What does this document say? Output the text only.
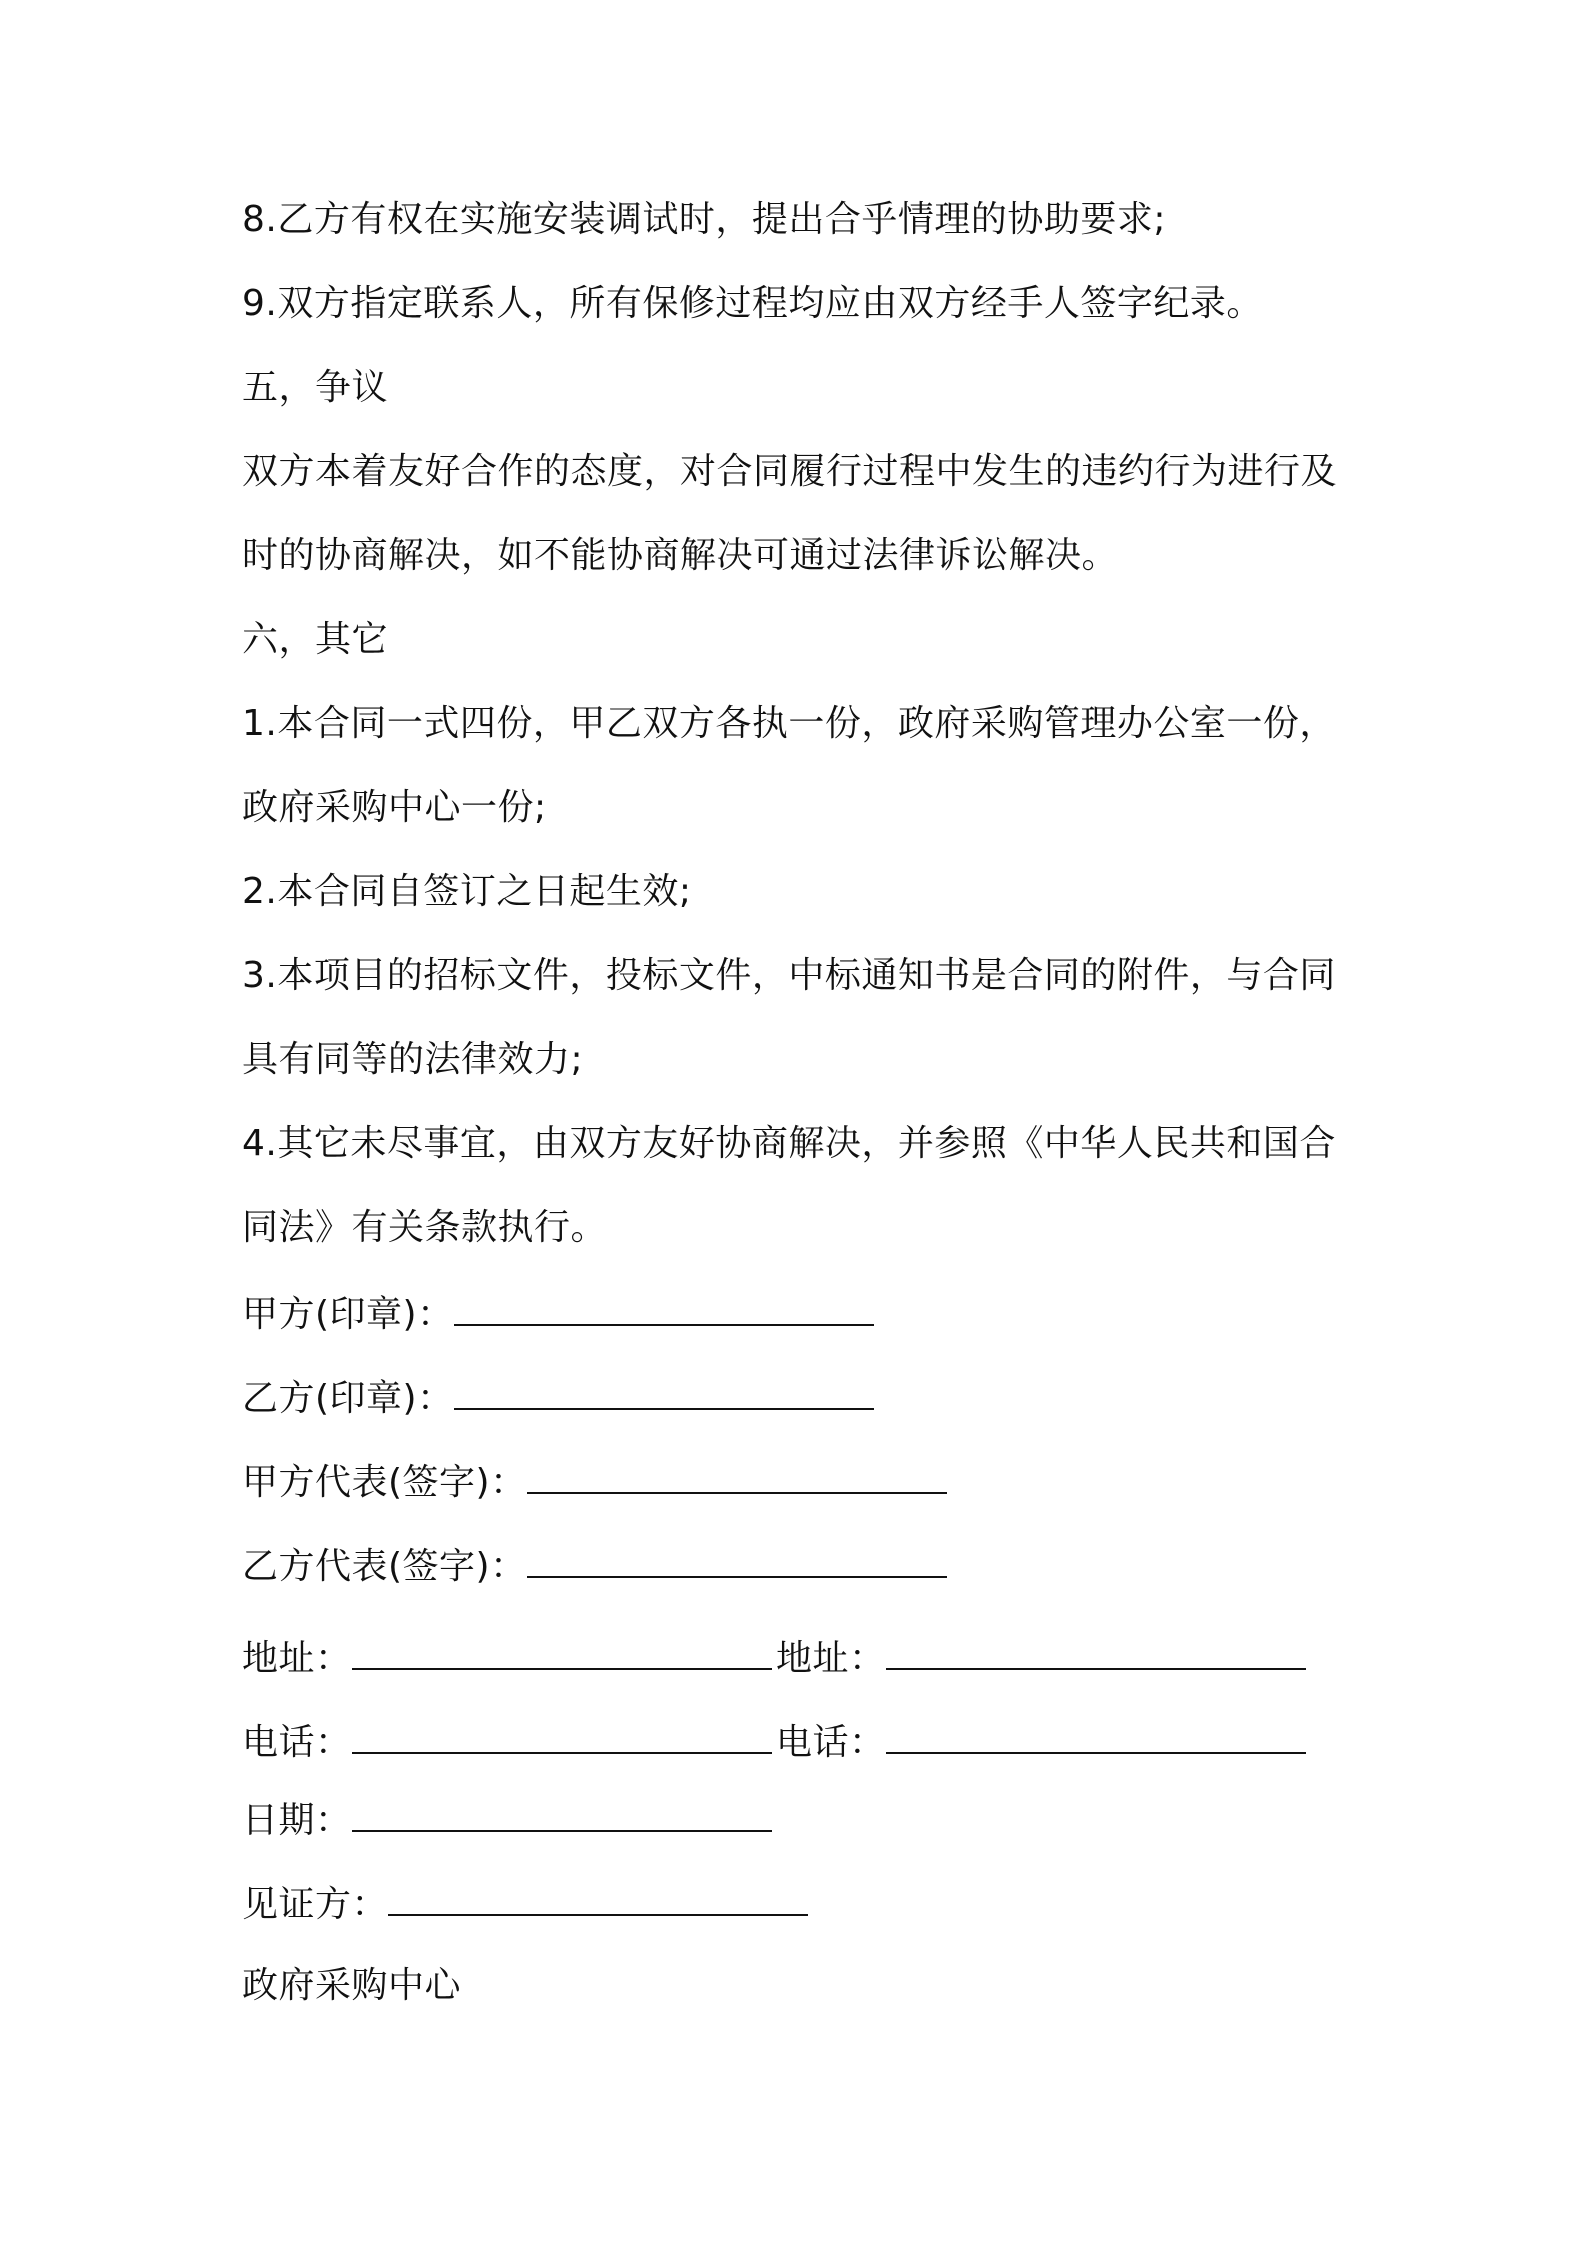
8.乙方有权在实施安装调试时，提出合乎情理的协助要求;
9.双方指定联系人，所有保修过程均应由双方经手人签字纪录。
五，争议
双方本着友好合作的态度，对合同履行过程中发生的违约行为进行及
时的协商解决，如不能协商解决可通过法律诉讼解决。
六，其它
1.本合同一式四份，甲乙双方各执一份，政府采购管理办公室一份，
政府采购中心一份;
2.本合同自签订之日起生效;
3.本项目的招标文件，投标文件，中标通知书是合同的附件，与合同
具有同等的法律效力;
4.其它未尽事宜，由双方友好协商解决，并参照《中华人民共和国合
同法》有关条款执行。
甲方(印章)：
乙方(印章)：
甲方代表(签字)：
乙方代表(签字)：
地址：	地址：
电话：	电话：
日期：
见证方：
政府采购中心
